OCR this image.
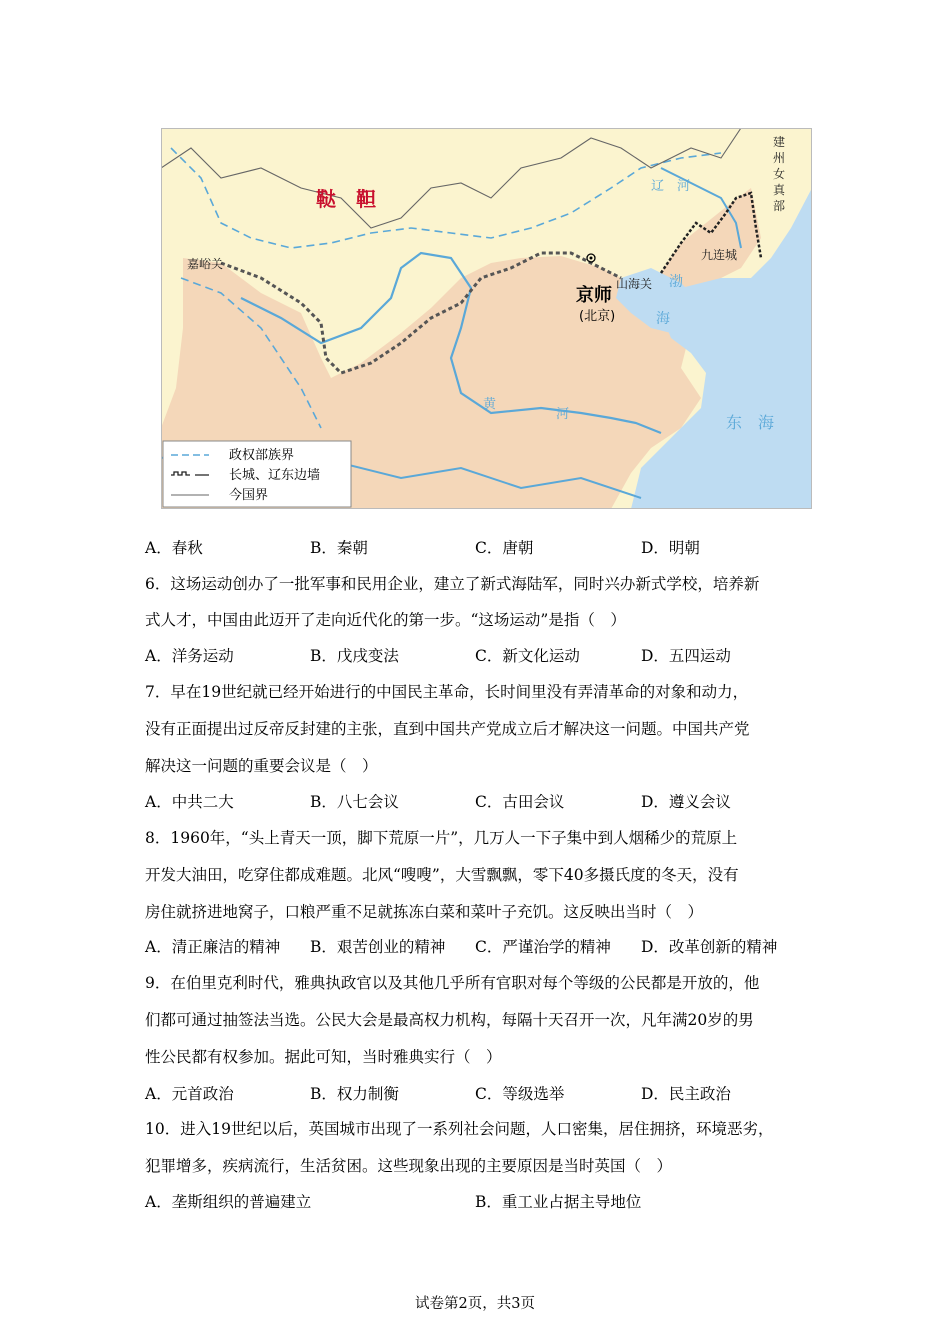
鞑　靼
嘉峪关
辽　河
建
州
女
真
部
九连城
山海关
京师
(北京)
渤
海
黄
河	东　海
政权部族界
长城、辽东边墙
今国界
A．春秋	B．秦朝	C．唐朝	D．明朝
6．这场运动创办了一批军事和民用企业，建立了新式海陆军，同时兴办新式学校，培养新
式人才，中国由此迈开了走向近代化的第一步。“这场运动”是指（　）
A．洋务运动	B．戊戌变法	C．新文化运动	D．五四运动
7．早在19世纪就已经开始进行的中国民主革命，长时间里没有弄清革命的对象和动力，
没有正面提出过反帝反封建的主张，直到中国共产党成立后才解决这一问题。中国共产党
解决这一问题的重要会议是（　）
A．中共二大	B．八七会议	C．古田会议	D．遵义会议
8．1960年，“头上青天一顶，脚下荒原一片”，几万人一下子集中到人烟稀少的荒原上
开发大油田，吃穿住都成难题。北风“嗖嗖”，大雪飘飘，零下40多摄氏度的冬天，没有
房住就挤进地窝子，口粮严重不足就拣冻白菜和菜叶子充饥。这反映出当时（　）
A．清正廉洁的精神 B．艰苦创业的精神 C．严谨治学的精神 D．改革创新的精神
9．在伯里克利时代，雅典执政官以及其他几乎所有官职对每个等级的公民都是开放的，他
们都可通过抽签法当选。公民大会是最高权力机构，每隔十天召开一次，凡年满20岁的男
性公民都有权参加。据此可知，当时雅典实行（　）
A．元首政治	B．权力制衡	C．等级选举	D．民主政治
10．进入19世纪以后，英国城市出现了一系列社会问题，人口密集，居住拥挤，环境恶劣，
犯罪增多，疾病流行，生活贫困。这些现象出现的主要原因是当时英国（　）
A．垄斯组织的普遍建立	B．重工业占据主导地位
试卷第2页，共3页
